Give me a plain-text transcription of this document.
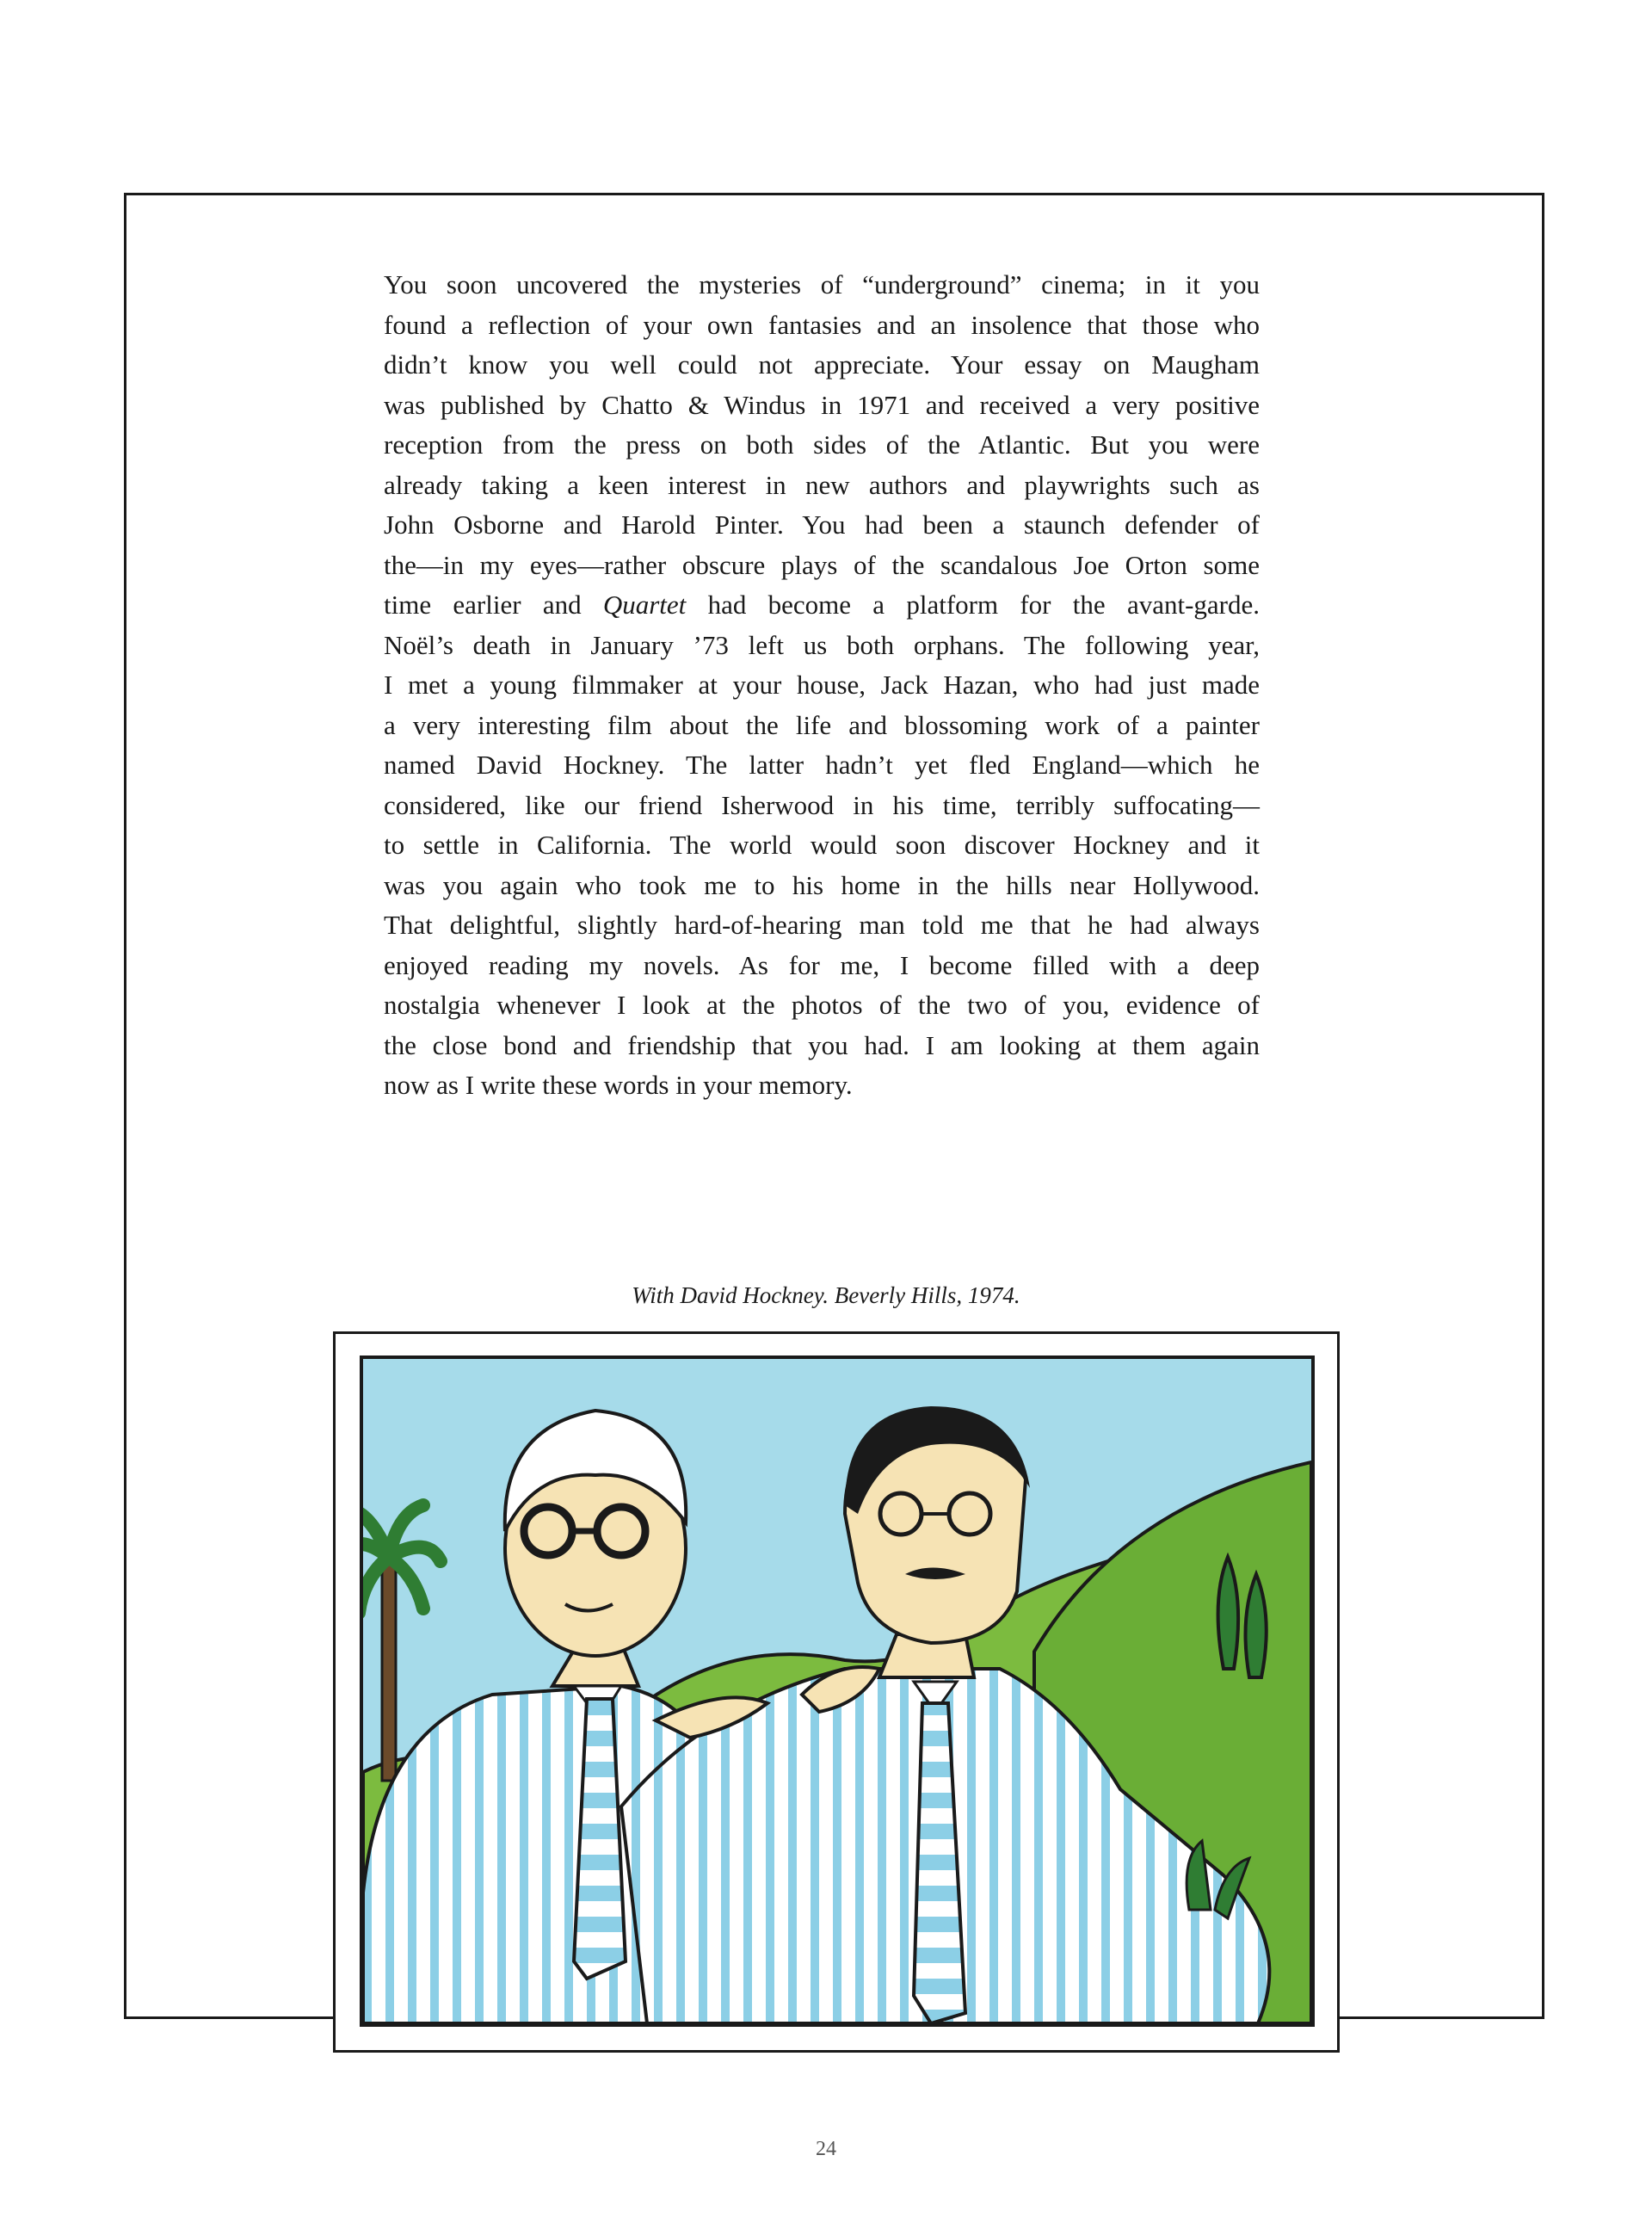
You soon uncovered the mysteries of “underground” cinema; in it you
found a reflection of your own fantasies and an insolence that those who
didn’t know you well could not appreciate. Your essay on Maugham
was published by Chatto & Windus in 1971 and received a very positive
reception from the press on both sides of the Atlantic. But you were
already taking a keen interest in new authors and playwrights such as
John Osborne and Harold Pinter. You had been a staunch defender of
the—in my eyes—rather obscure plays of the scandalous Joe Orton some
time earlier and Quartet had become a platform for the avant-garde.
Noël’s death in January ’73 left us both orphans. The following year,
I met a young filmmaker at your house, Jack Hazan, who had just made
a very interesting film about the life and blossoming work of a painter
named David Hockney. The latter hadn’t yet fled England—which he
considered, like our friend Isherwood in his time, terribly suffocating—
to settle in California. The world would soon discover Hockney and it
was you again who took me to his home in the hills near Hollywood.
That delightful, slightly hard-of-hearing man told me that he had always
enjoyed reading my novels. As for me, I become filled with a deep
nostalgia whenever I look at the photos of the two of you, evidence of
the close bond and friendship that you had. I am looking at them again
now as I write these words in your memory.

With David Hockney. Beverly Hills, 1974.

24
